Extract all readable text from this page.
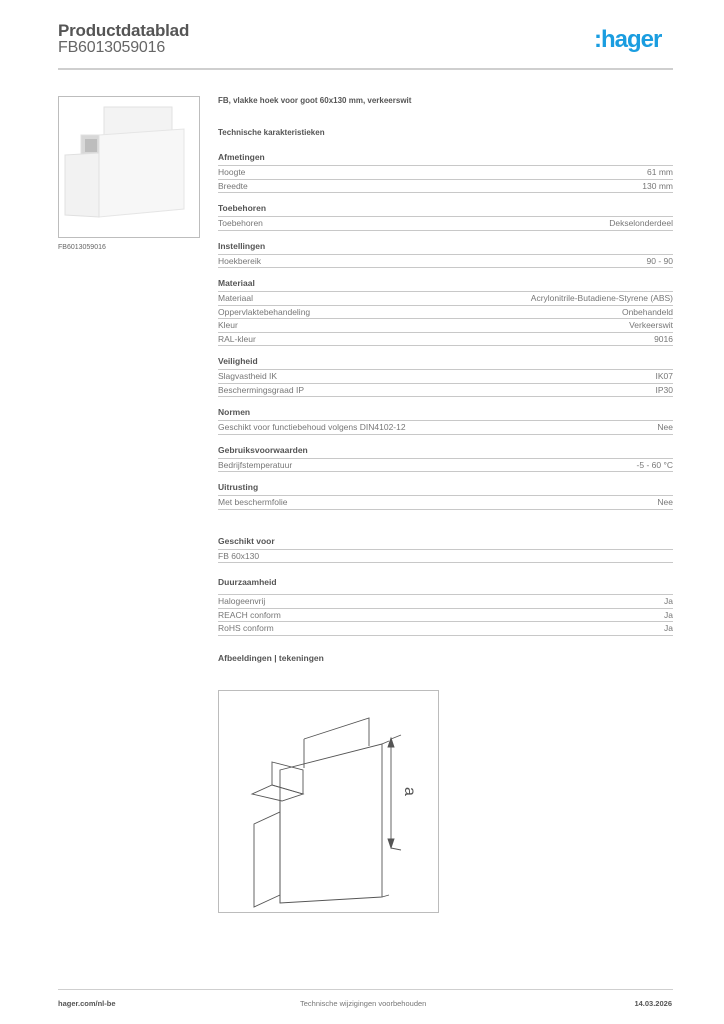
Productdatablad
FB6013059016	:hager
FB6013059016
FB, vlakke hoek voor goot 60x130 mm, verkeerswit
Technische karakteristieken
Afmetingen
Hoogte	61 mm
Breedte	130 mm
Toebehoren
Toebehoren	Dekselonderdeel
Instellingen
Hoekbereik	90 - 90
Materiaal
Materiaal	Acrylonitrile-Butadiene-Styrene (ABS)
Oppervlaktebehandeling	Onbehandeld
Kleur	Verkeerswit
RAL-kleur	9016
Veiligheid
Slagvastheid IK	IK07
Beschermingsgraad IP	IP30
Normen
Geschikt voor functiebehoud volgens DIN4102-12	Nee
Gebruiksvoorwaarden
Bedrijfstemperatuur	-5 - 60 °C
Uitrusting
Met beschermfolie	Nee
Geschikt voor
FB 60x130
Duurzaamheid
Halogeenvrij	Ja
REACH conform	Ja
RoHS conform	Ja
Afbeeldingen | tekeningen
a
hager.com/nl-be	Technische wijzigingen voorbehouden	14.03.2026
